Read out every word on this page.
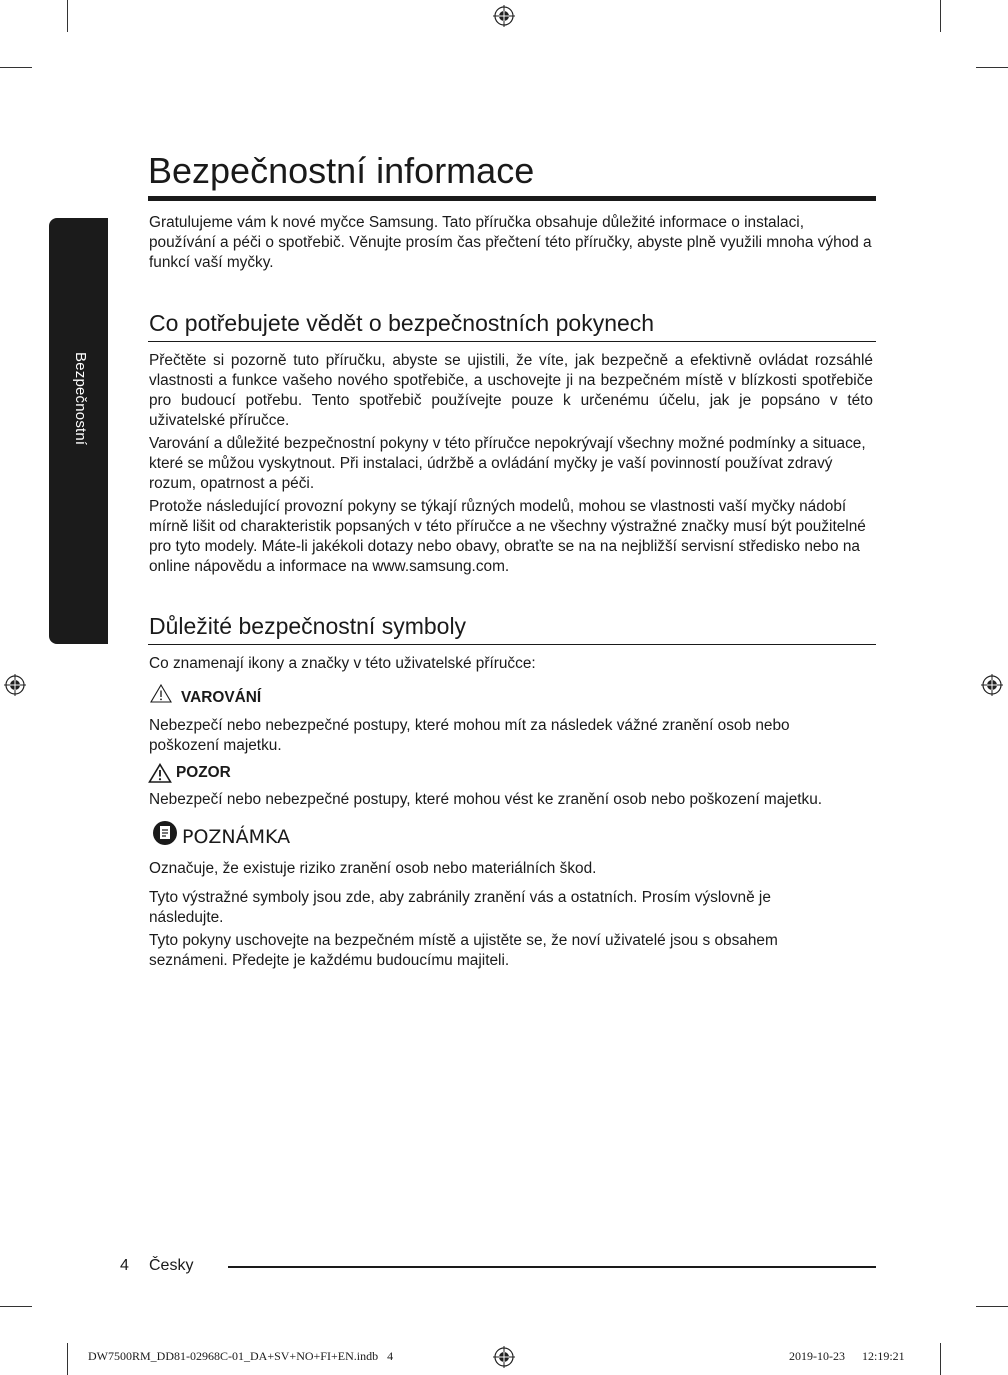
Bezpečnostní
Bezpečnostní informace

Gratulujeme vám k nové myčce Samsung. Tato příručka obsahuje důležité informace o instalaci, používání a péči o spotřebič. Věnujte prosím čas přečtení této příručky, abyste plně využili mnoha výhod a funkcí vaší myčky.

Co potřebujete vědět o bezpečnostních pokynech

Přečtěte si pozorně tuto příručku, abyste se ujistili, že víte, jak bezpečně a efektivně ovládat rozsáhlé vlastnosti a funkce vašeho nového spotřebiče, a uschovejte ji na bezpečném místě v blízkosti spotřebiče pro budoucí potřebu. Tento spotřebič používejte pouze k určenému účelu, jak je popsáno v této uživatelské příručce.

Varování a důležité bezpečnostní pokyny v této příručce nepokrývají všechny možné podmínky a situace, které se můžou vyskytnout. Při instalaci, údržbě a ovládání myčky je vaší povinností používat zdravý rozum, opatrnost a péči.

Protože následující provozní pokyny se týkají různých modelů, mohou se vlastnosti vaší myčky nádobí mírně lišit od charakteristik popsaných v této příručce a ne všechny výstražné značky musí být použitelné pro tyto modely. Máte-li jakékoli dotazy nebo obavy, obraťte se na na nejbližší servisní středisko nebo na online nápovědu a informace na www.samsung.com.

Důležité bezpečnostní symboly

Co znamenají ikony a značky v této uživatelské příručce:

VAROVÁNÍ

Nebezpečí nebo nebezpečné postupy, které mohou mít za následek vážné zranění osob nebo poškození majetku.

POZOR

Nebezpečí nebo nebezpečné postupy, které mohou vést ke zranění osob nebo poškození majetku.

POZNÁMKA

Označuje, že existuje riziko zranění osob nebo materiálních škod.

Tyto výstražné symboly jsou zde, aby zabránily zranění vás a ostatních. Prosím výslovně je následujte.

Tyto pokyny uschovejte na bezpečném místě a ujistěte se, že noví uživatelé jsou s obsahem seznámeni. Předejte je každému budoucímu majiteli.

4 Česky
DW7500RM_DD81-02968C-01_DA+SV+NO+FI+EN.indb   4	2019-10-23 12:19:21
